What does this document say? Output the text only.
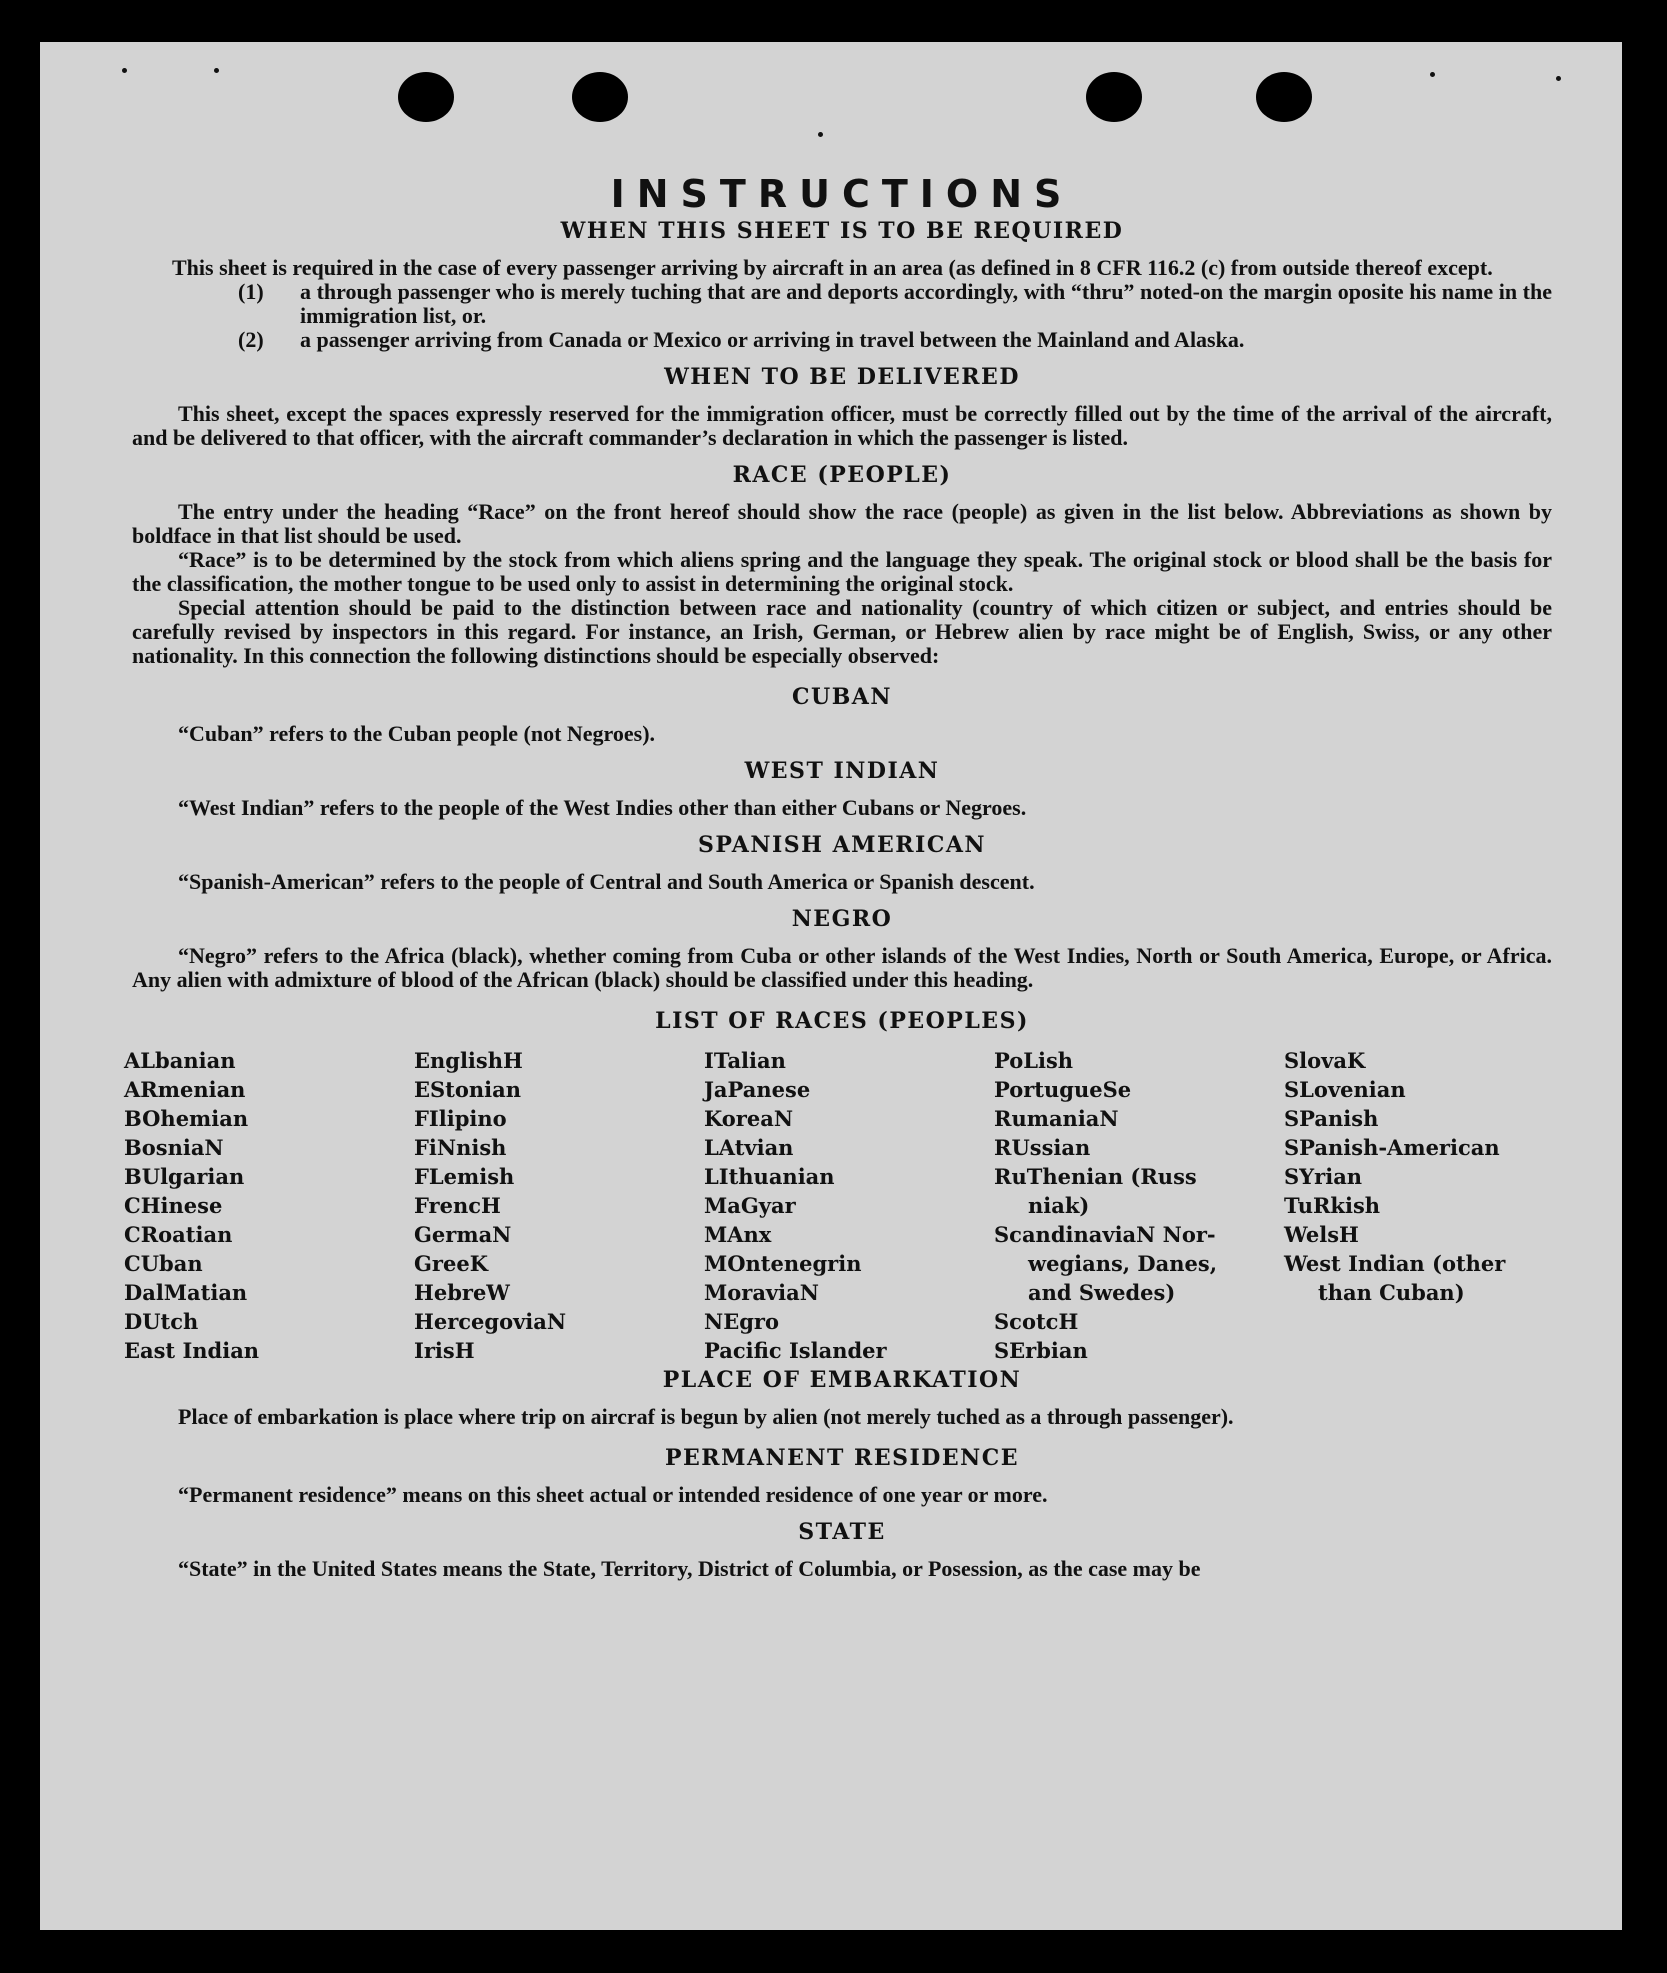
INSTRUCTIONS
WHEN THIS SHEET IS TO BE REQUIRED

This sheet is required in the case of every passenger arriving by aircraft in an area (as defined in 8 CFR 116.2 (c) from outside thereof except.

(1)	a through passenger who is merely tuching that are and deports accordingly, with “thru” noted-on the margin oposite his name in the immigration list, or.
(2)	a passenger arriving from Canada or Mexico or arriving in travel between the Mainland and Alaska.
WHEN TO BE DELIVERED

This sheet, except the spaces expressly reserved for the immigration officer, must be correctly filled out by the time of the arrival of the aircraft, and be delivered to that officer, with the aircraft commander’s declaration in which the passenger is listed.

RACE (PEOPLE)

The entry under the heading “Race” on the front hereof should show the race (people) as given in the list below. Abbreviations as shown by boldface in that list should be used.

“Race” is to be determined by the stock from which aliens spring and the language they speak. The original stock or blood shall be the basis for the classification, the mother tongue to be used only to assist in determining the original stock.

Special attention should be paid to the distinction between race and nationality (country of which citizen or subject, and entries should be carefully revised by inspectors in this regard. For instance, an Irish, German, or Hebrew alien by race might be of English, Swiss, or any other nationality. In this connection the following distinctions should be especially observed:

CUBAN

“Cuban” refers to the Cuban people (not Negroes).

WEST INDIAN

“West Indian” refers to the people of the West Indies other than either Cubans or Negroes.

SPANISH AMERICAN

“Spanish-American” refers to the people of Central and South America or Spanish descent.

NEGRO

“Negro” refers to the Africa (black), whether coming from Cuba or other islands of the West Indies, North or South America, Europe, or Africa. Any alien with admixture of blood of the African (black) should be classified under this heading.

LIST OF RACES (PEOPLES)
ALbanian
ARmenian
BOhemian
BosniaN
BUlgarian
CHinese
CRoatian
CUban
DalMatian
DUtch
East Indian
EnglishH
EStonian
FIlipino
FiNnish
FLemish
FrencH
GermaN
GreeK
HebreW
HercegoviaN
IrisH
ITalian
JaPanese
KoreaN
LAtvian
LIthuanian
MaGyar
MAnx
MOntenegrin
MoraviaN
NEgro
Pacific Islander
PoLish
PortugueSe
RumaniaN
RUssian
RuThenian (Russ
niak)
ScandinaviaN Nor-
wegians, Danes,
and Swedes)
ScotcH
SErbian
SlovaK
SLovenian
SPanish
SPanish-American
SYrian
TuRkish
WelsH
West Indian (other
than Cuban)
PLACE OF EMBARKATION

Place of embarkation is place where trip on aircraf is begun by alien (not merely tuched as a through passenger).

PERMANENT RESIDENCE

“Permanent residence” means on this sheet actual or intended residence of one year or more.

STATE

“State” in the United States means the State, Territory, District of Columbia, or Posession, as the case may be
